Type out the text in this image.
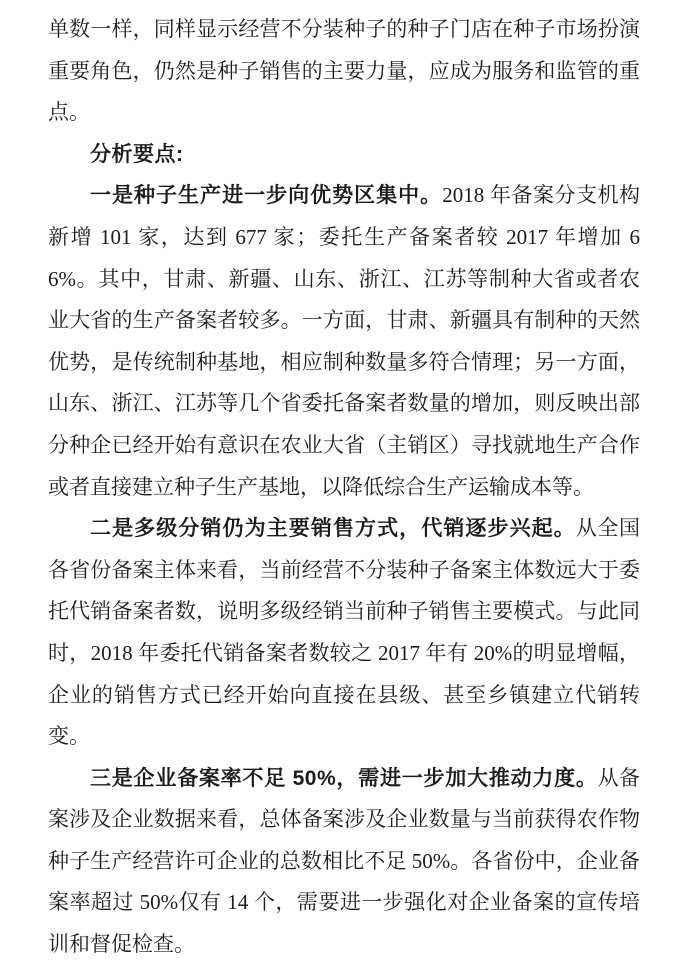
单数一样，同样显示经营不分装种子的种子门店在种子市场扮演重要角色，仍然是种子销售的主要力量，应成为服务和监管的重点。

分析要点:

一是种子生产进一步向优势区集中。2018 年备案分支机构新增 101 家，达到 677 家；委托生产备案者较 2017 年增加 66%。其中，甘肃、新疆、山东、浙江、江苏等制种大省或者农业大省的生产备案者较多。一方面，甘肃、新疆具有制种的天然优势，是传统制种基地，相应制种数量多符合情理；另一方面，山东、浙江、江苏等几个省委托备案者数量的增加，则反映出部分种企已经开始有意识在农业大省（主销区）寻找就地生产合作或者直接建立种子生产基地，以降低综合生产运输成本等。

二是多级分销仍为主要销售方式，代销逐步兴起。从全国各省份备案主体来看，当前经营不分装种子备案主体数远大于委托代销备案者数，说明多级经销当前种子销售主要模式。与此同时，2018 年委托代销备案者数较之 2017 年有 20%的明显增幅，企业的销售方式已经开始向直接在县级、甚至乡镇建立代销转变。

三是企业备案率不足 50%，需进一步加大推动力度。从备案涉及企业数据来看，总体备案涉及企业数量与当前获得农作物种子生产经营许可企业的总数相比不足 50%。各省份中，企业备案率超过 50%仅有 14 个，需要进一步强化对企业备案的宣传培训和督促检查。
